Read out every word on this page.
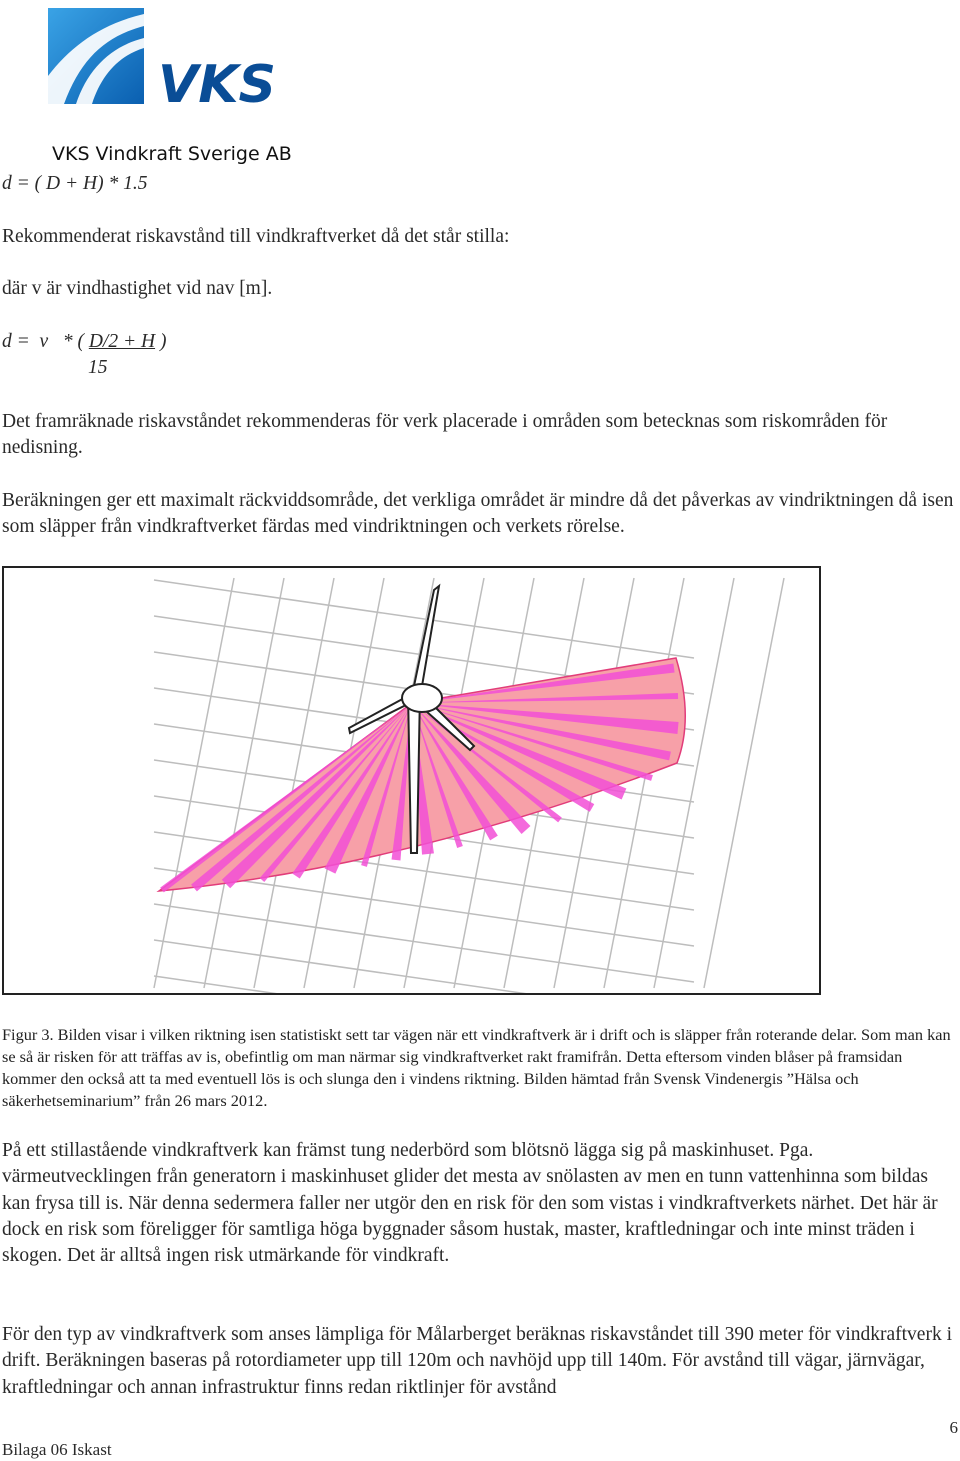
VKS
VKS Vindkraft Sverige AB
d = ( D + H) * 1.5
Rekommenderat riskavstånd till vindkraftverket då det står stilla:
där v är vindhastighet vid nav [m].
d =  v   * ( D/2 + H )
15
Det framräknade riskavståndet rekommenderas för verk placerade i områden som betecknas som riskområden för nedisning.
Beräkningen ger ett maximalt räckviddsområde, det verkliga området är mindre då det påverkas av vindriktningen då isen som släpper från vindkraftverket färdas med vindriktningen och verkets rörelse.
Figur 3. Bilden visar i vilken riktning isen statistiskt sett tar vägen när ett vindkraftverk är i drift och is släpper från roterande delar. Som man kan se så är risken för att träffas av is, obefintlig om man närmar sig vindkraftverket rakt framifrån. Detta eftersom vinden blåser på framsidan kommer den också att ta med eventuell lös is och slunga den i vindens riktning. Bilden hämtad från Svensk Vindenergis ”Hälsa och säkerhetseminarium” från 26 mars 2012.
På ett stillastående vindkraftverk kan främst tung nederbörd som blötsnö lägga sig på maskinhuset. Pga. värmeutvecklingen från generatorn i maskinhuset glider det mesta av snölasten av men en tunn vattenhinna som bildas kan frysa till is. När denna sedermera faller ner utgör den en risk för den som vistas i vindkraftverkets närhet. Det här är dock en risk som föreligger för samtliga höga byggnader såsom hustak, master, kraftledningar och inte minst träden i skogen. Det är alltså ingen risk utmärkande för vindkraft.
För den typ av vindkraftverk som anses lämpliga för Målarberget beräknas riskavståndet till 390 meter för vindkraftverk i drift. Beräkningen baseras på rotordiameter upp till 120m och navhöjd upp till 140m. För avstånd till vägar, järnvägar, kraftledningar och annan infrastruktur finns redan riktlinjer för avstånd
6
Bilaga 06 Iskast
